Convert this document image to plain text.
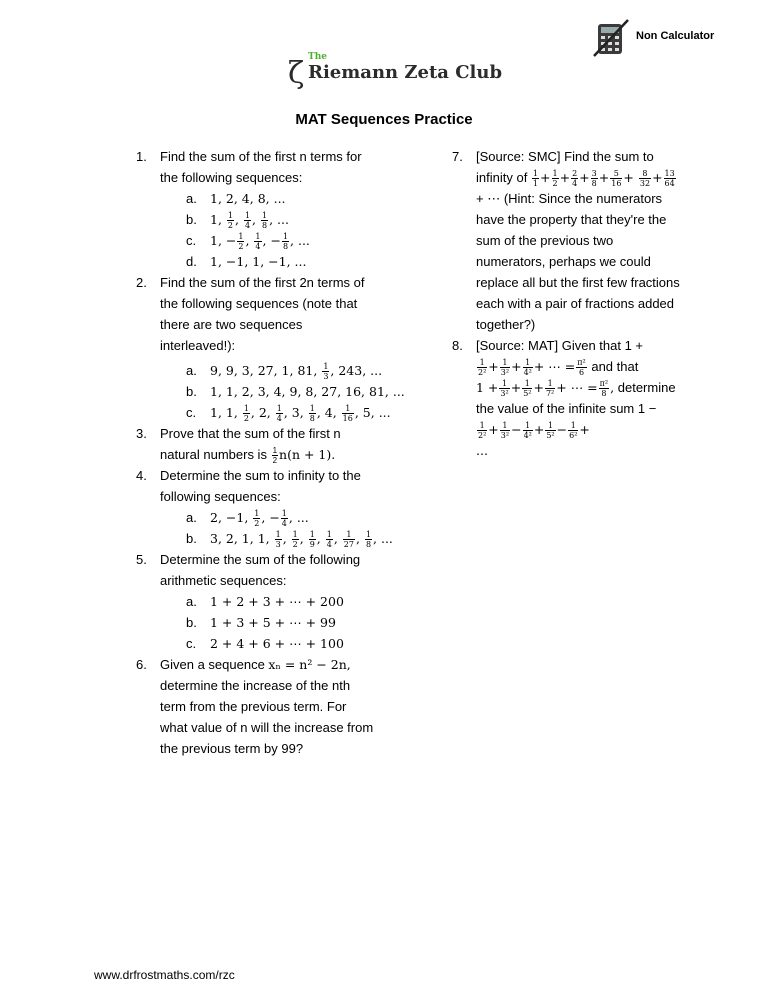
Non Calculator
ζ The
Riemann Zeta Club
MAT Sequences Practice
1. Find the sum of the first n terms for the following sequences:
a. 1, 2, 4, 8, ...
b. 1, $\frac{1}{2}$ , $\frac{1}{4}$ , $\frac{1}{8}$ , ...
c. 1, − $\frac{1}{2}$ , $\frac{1}{4}$ , − $\frac{1}{8}$ , ...
d. 1, −1, 1, −1, ...
2. Find the sum of the first 2n terms of the following sequences (note that there are two sequences interleaved!):
a. 9, 9, 3, 27, 1, 81, $\frac{1}{3}$ , 243, ...
b. 1, 1, 2, 3, 4, 9, 8, 27, 16, 81, ...
c. 1, 1, $\frac{1}{2}$ , 2, $\frac{1}{4}$ , 3, $\frac{1}{8}$ , 4, $\frac{1}{16}$ , 5, ...
3. Prove that the sum of the first n natural numbers is $\frac{1}{2} n(n + 1)$.
4. Determine the sum to infinity to the following sequences:
a. 2, −1, $\frac{1}{2}$ , − $\frac{1}{4}$ , ...
b. 3, 2, 1, 1, $\frac{1}{3}$ , $\frac{1}{2}$ , $\frac{1}{9}$ , $\frac{1}{4}$ , $\frac{1}{27}$ , $\frac{1}{8}$ , ...
5. Determine the sum of the following arithmetic sequences:
a. 1 + 2 + 3 + ⋯ + 200
b. 1 + 3 + 5 + ⋯ + 99
c. 2 + 4 + 6 + ⋯ + 100
6. Given a sequence xₙ = n² − 2n, determine the increase of the nth term from the previous term. For what value of n will the increase from the previous term by 99?
7. [Source: SMC] Find the sum to infinity of $\frac{1}{1} + \frac{1}{2} + \frac{2}{4} + \frac{3}{8} + \frac{5}{16} + \frac{8}{32} + \frac{13}{64}$
+ ⋯ (Hint: Since the numerators have the property that they're the sum of the previous two numerators, perhaps we could replace all but the first few fractions each with a pair of fractions added together?)
8. [Source: MAT] Given that 1 +
$\frac{1}{\text{2²}} + \frac{1}{\text{3²}} + \frac{1}{\text{4²}}$ + ⋯ = $\frac{\text{π²}}{6}$ and that $1 + \frac{1}{\text{3²}} + \frac{1}{\text{5²}} + \frac{1}{\text{7²}}$ + ⋯ = $\frac{\text{π²}}{8}$ , determine the value of the infinite sum 1 −
$\frac{1}{\text{2²}} + \frac{1}{\text{3²}} - \frac{1}{\text{4²}} + \frac{1}{\text{5²}} - \frac{1}{\text{6²}}$ +
...
www.drfrostmaths.com/rzc
